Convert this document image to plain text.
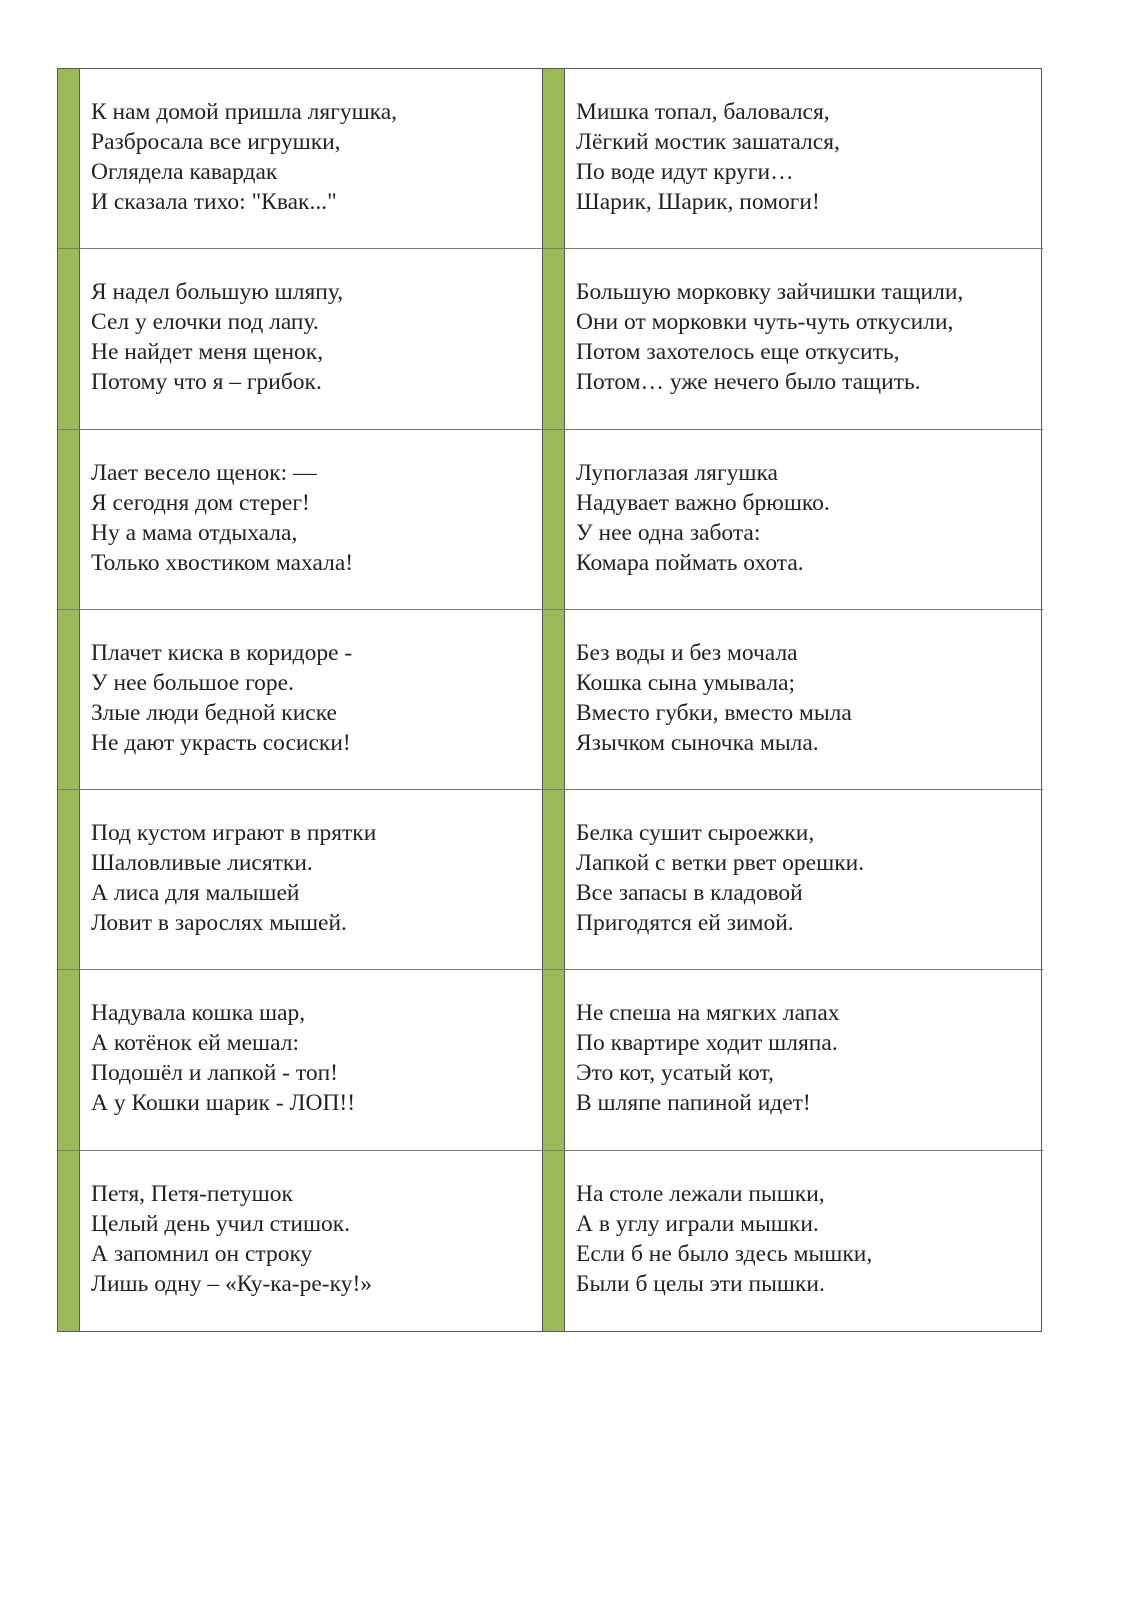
К нам домой пришла лягушка,
Разбросала все игрушки,
Оглядела кавардак
И сказала тихо: "Квак..."
Мишка топал, баловался,
Лёгкий мостик зашатался,
По воде идут круги…
Шарик, Шарик, помоги!
Я надел большую шляпу,
Сел у елочки под лапу.
Не найдет меня щенок,
Потому что я – грибок.
Большую морковку зайчишки тащили,
Они от морковки чуть-чуть откусили,
Потом захотелось еще откусить,
Потом… уже нечего было тащить.
Лает весело щенок: —
Я сегодня дом стерег!
Ну а мама отдыхала,
Только хвостиком махала!
Лупоглазая лягушка
Надувает важно брюшко.
У нее одна забота:
Комара поймать охота.
Плачет киска в коридоре -
У нее большое горе.
Злые люди бедной киске
Не дают украсть сосиски!
Без воды и без мочала
Кошка сына умывала;
Вместо губки, вместо мыла
Язычком сыночка мыла.
Под кустом играют в прятки
Шаловливые лисятки.
А лиса для малышей
Ловит в зарослях мышей.
Белка сушит сыроежки,
Лапкой с ветки рвет орешки.
Все запасы в кладовой
Пригодятся ей зимой.
Надувала кошка шар,
А котёнок ей мешал:
Подошёл и лапкой - топ!
А у Кошки шарик - ЛОП!!
Не спеша на мягких лапах
По квартире ходит шляпа.
Это кот, усатый кот,
В шляпе папиной идет!
Петя, Петя-петушок
Целый день учил стишок.
А запомнил он строку
Лишь одну – «Ку-ка-ре-ку!»
На столе лежали пышки,
А в углу играли мышки.
Если б не было здесь мышки,
Были б целы эти пышки.
